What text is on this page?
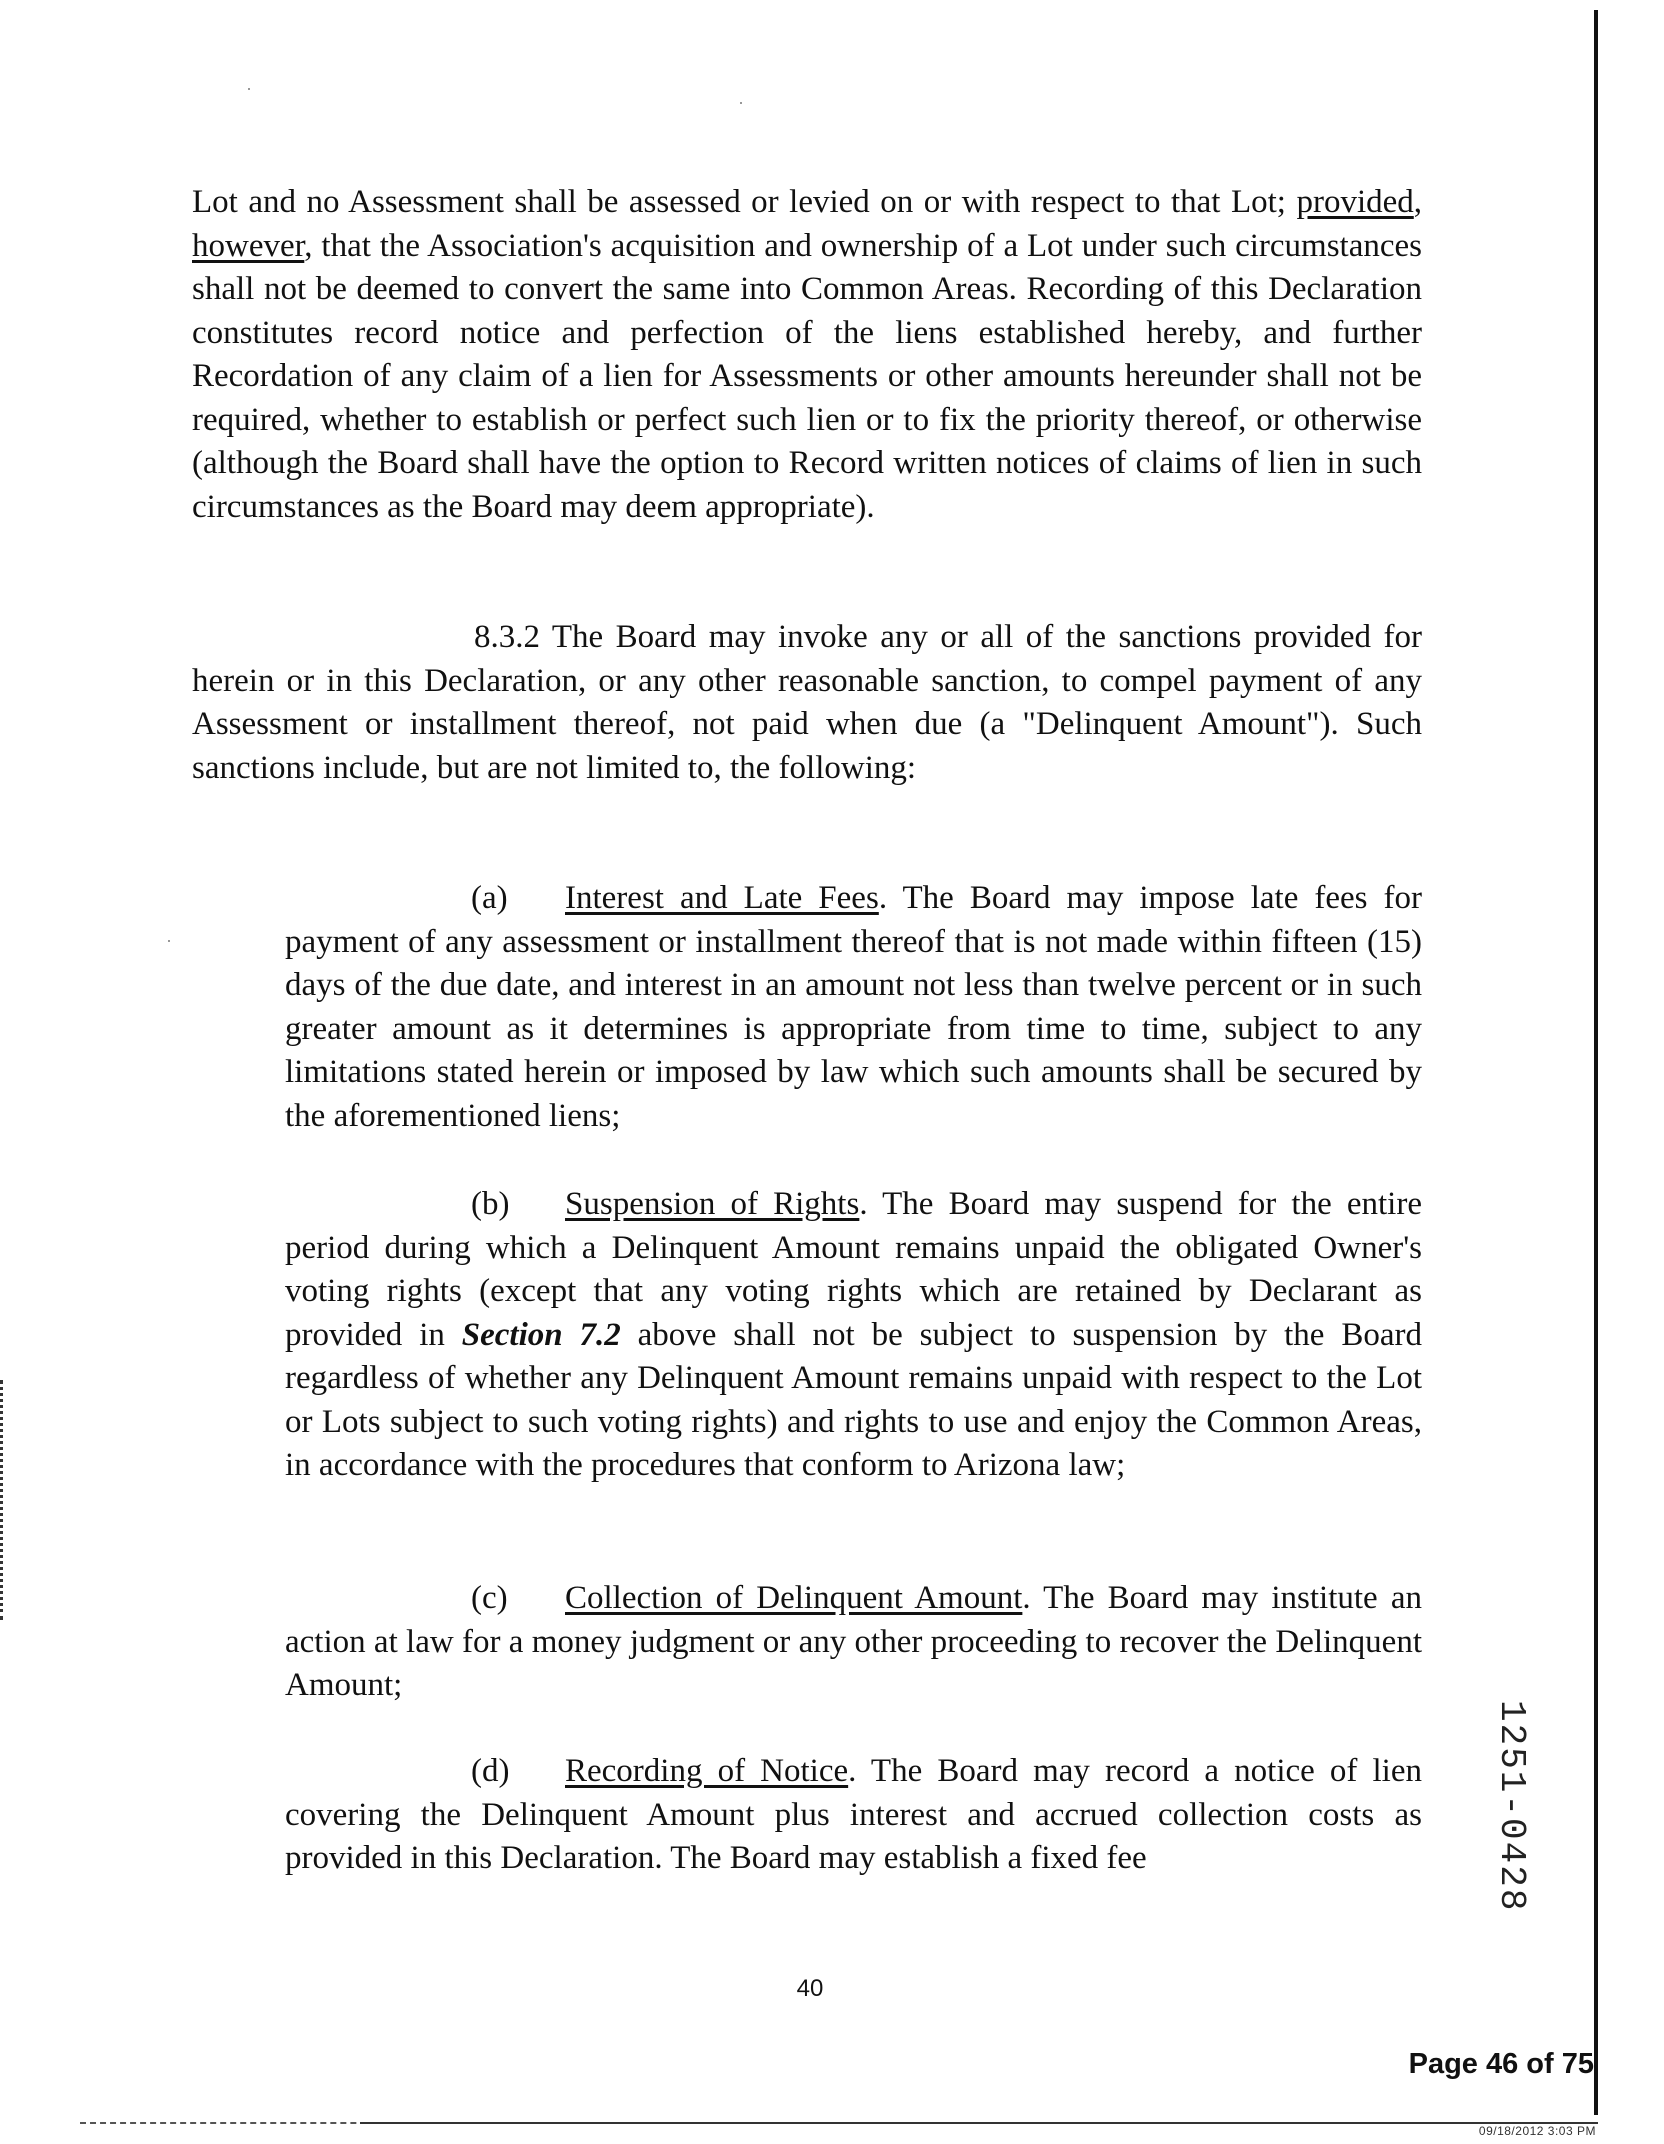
Lot and no Assessment shall be assessed or levied on or with respect to that Lot; provided, however, that the Association's acquisition and ownership of a Lot under such circumstances shall not be deemed to convert the same into Common Areas. Recording of this Declaration constitutes record notice and perfection of the liens established hereby, and further Recordation of any claim of a lien for Assessments or other amounts hereunder shall not be required, whether to establish or perfect such lien or to fix the priority thereof, or otherwise (although the Board shall have the option to Record written notices of claims of lien in such circumstances as the Board may deem appropriate).
8.3.2 The Board may invoke any or all of the sanctions provided for herein or in this Declaration, or any other reasonable sanction, to compel payment of any Assessment or installment thereof, not paid when due (a "Delinquent Amount"). Such sanctions include, but are not limited to, the following:
(a) Interest and Late Fees. The Board may impose late fees for payment of any assessment or installment thereof that is not made within fifteen (15) days of the due date, and interest in an amount not less than twelve percent or in such greater amount as it determines is appropriate from time to time, subject to any limitations stated herein or imposed by law which such amounts shall be secured by the aforementioned liens;
(b) Suspension of Rights. The Board may suspend for the entire period during which a Delinquent Amount remains unpaid the obligated Owner's voting rights (except that any voting rights which are retained by Declarant as provided in Section 7.2 above shall not be subject to suspension by the Board regardless of whether any Delinquent Amount remains unpaid with respect to the Lot or Lots subject to such voting rights) and rights to use and enjoy the Common Areas, in accordance with the procedures that conform to Arizona law;
(c) Collection of Delinquent Amount. The Board may institute an action at law for a money judgment or any other proceeding to recover the Delinquent Amount;
(d) Recording of Notice. The Board may record a notice of lien covering the Delinquent Amount plus interest and accrued collection costs as provided in this Declaration. The Board may establish a fixed fee
40
Page 46 of 75
09/18/2012 3:03 PM
1251-0428
